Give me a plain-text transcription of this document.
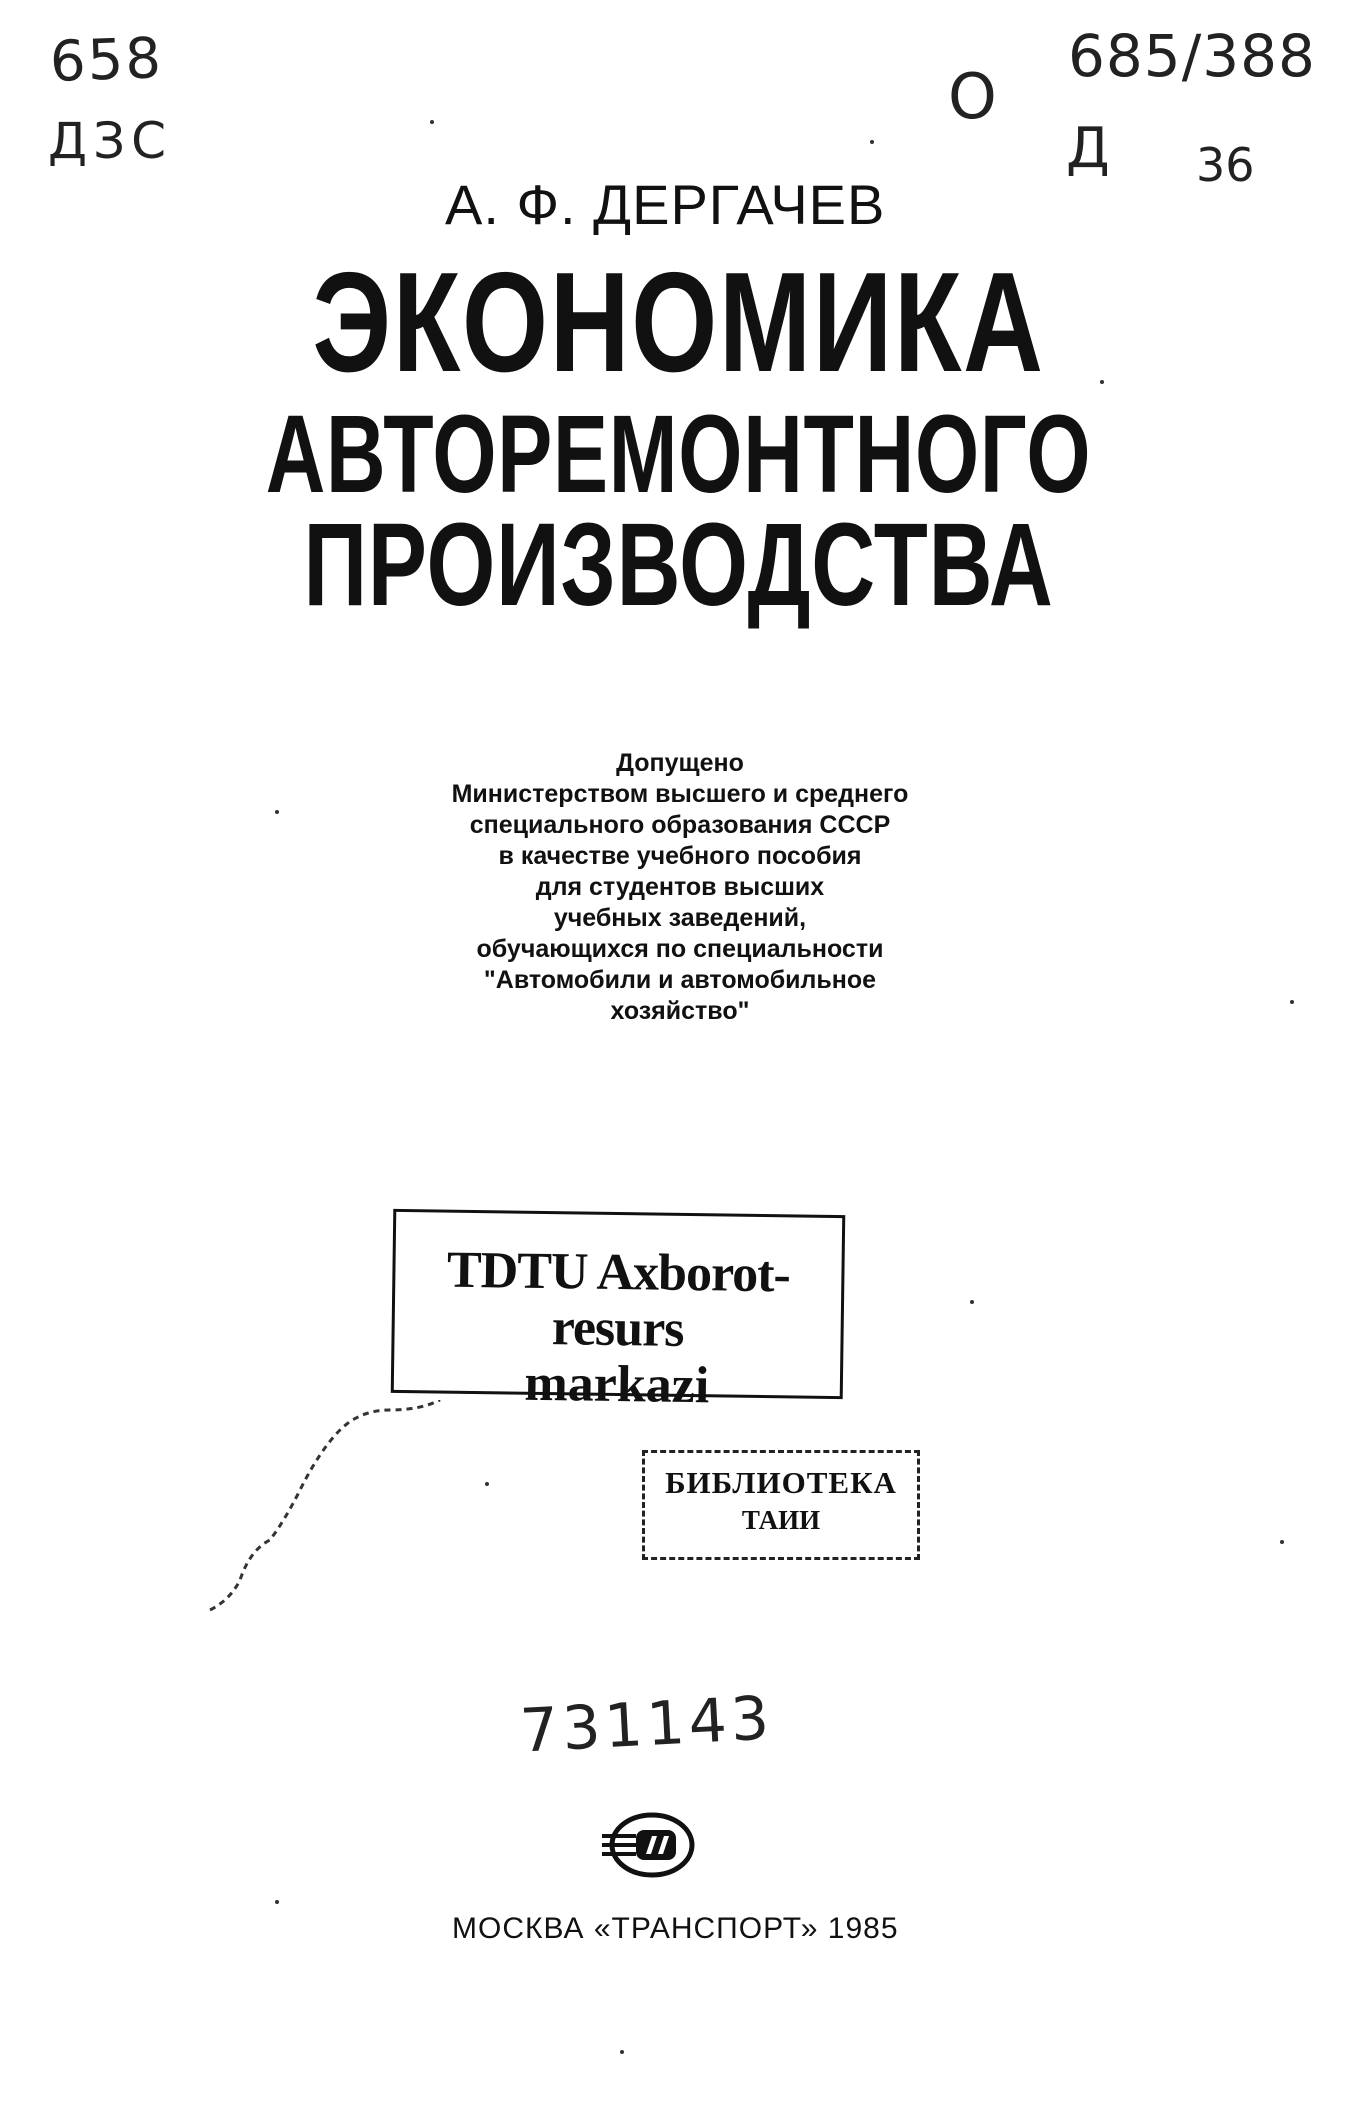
658
ДЗС
O
685/388
Д 36
А. Ф. ДЕРГАЧЕВ
ЭКОНОМИКА
АВТОРЕМОНТНОГО
ПРОИЗВОДСТВА
Допущено
Министерством высшего и среднего
специального образования СССР
в качестве учебного пособия
для студентов высших
учебных заведений,
обучающихся по специальности
"Автомобили и автомобильное
хозяйство"
TDTU Axborot-resurs
markazi
БИБЛИОТЕКА
ТАИИ
731143
МОСКВА «ТРАНСПОРТ» 1985
